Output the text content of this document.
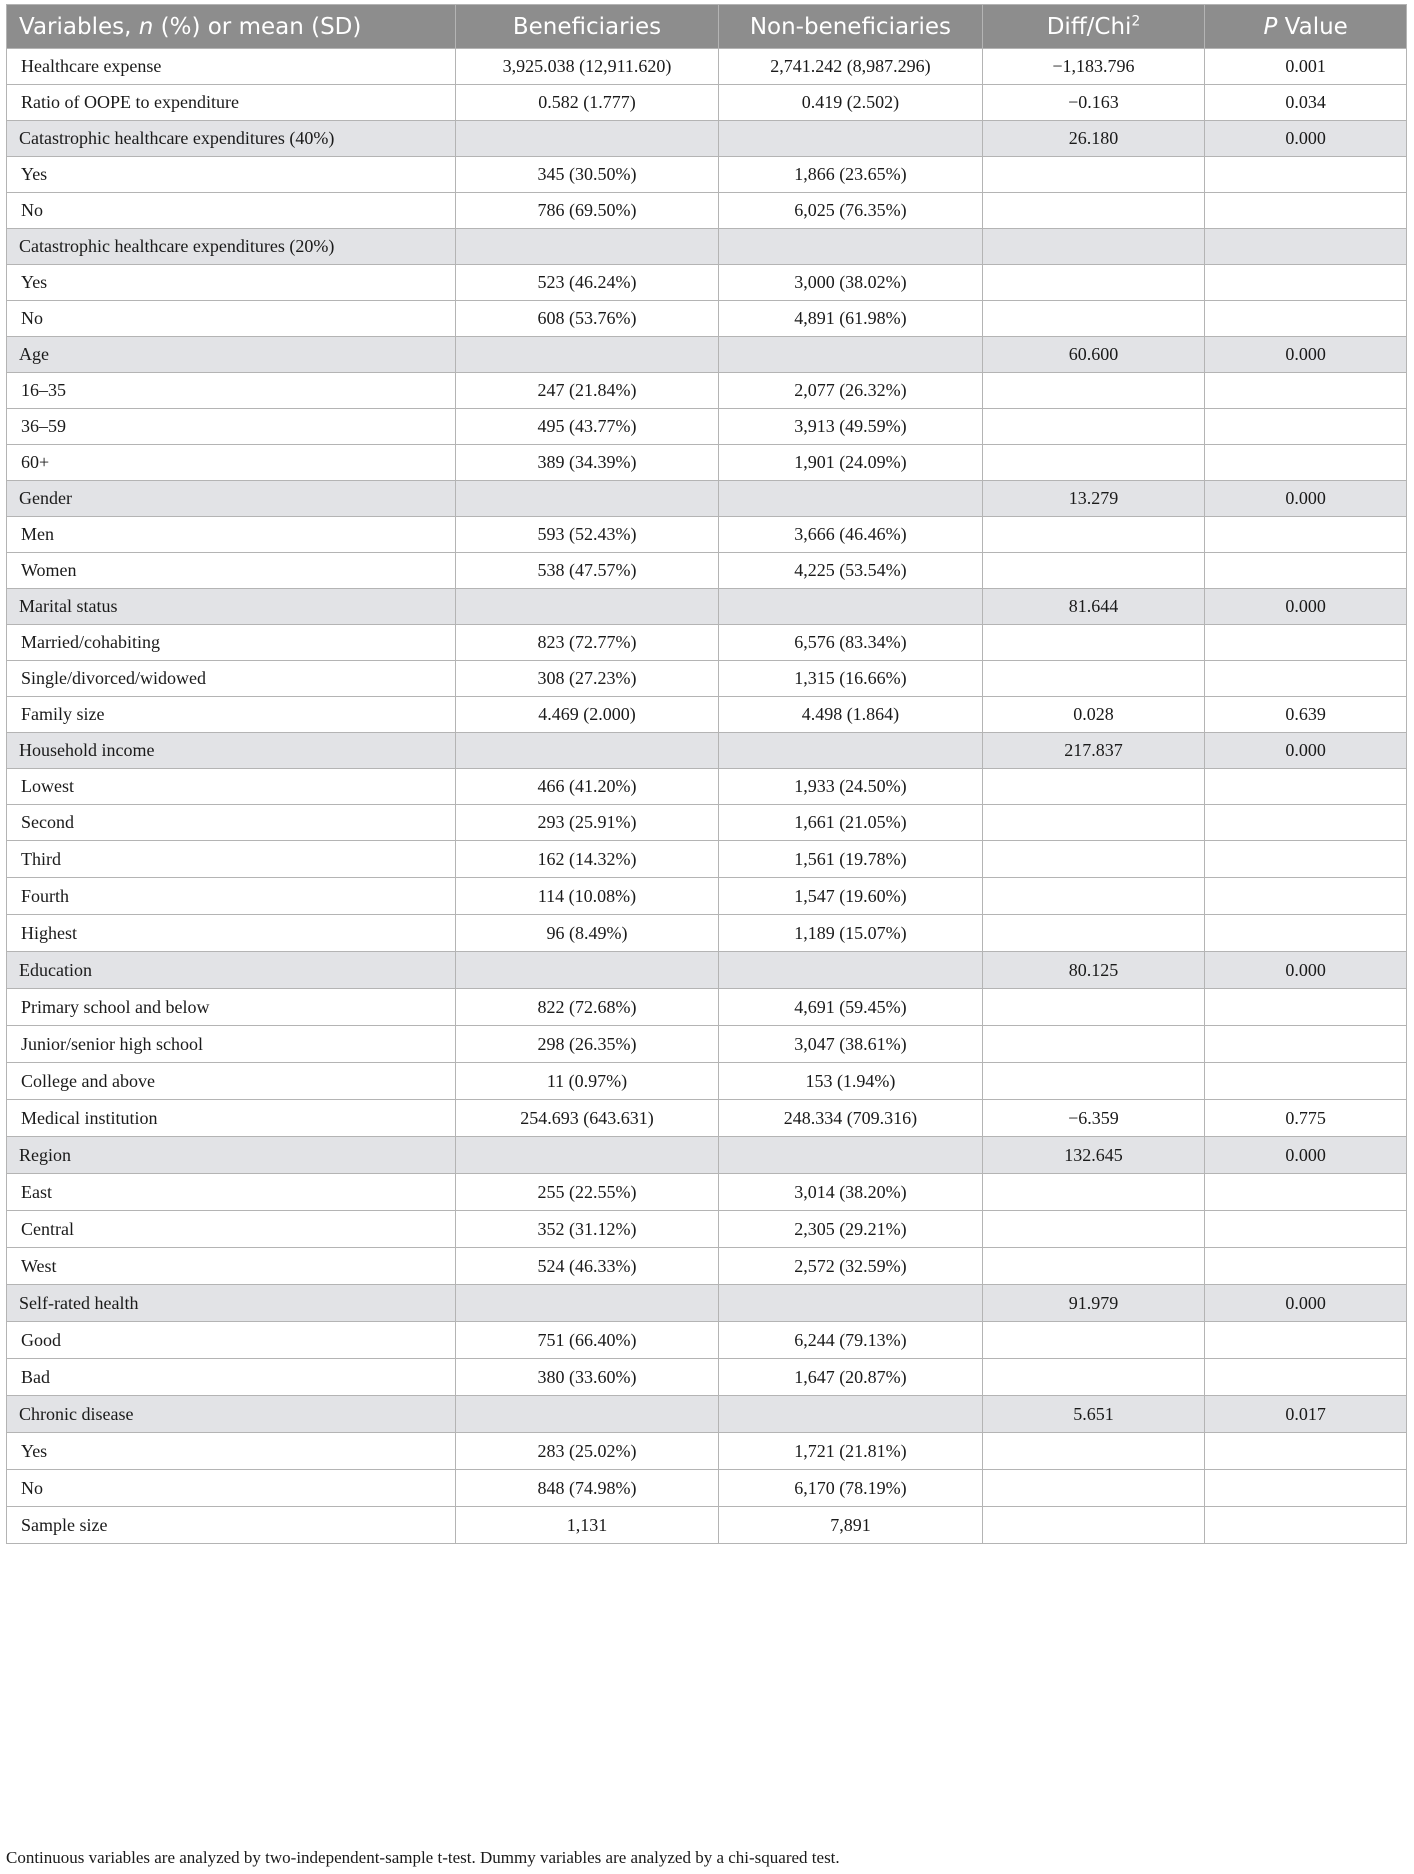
Variables, n (%) or mean (SD)	Beneficiaries	Non-beneficiaries	Diff/Chi$^2$	P Value
Healthcare expense	3,925.038 (12,911.620)	2,741.242 (8,987.296)	−1,183.796	0.001
Ratio of OOPE to expenditure	0.582 (1.777)	0.419 (2.502)	−0.163	0.034
Catastrophic healthcare expenditures (40%)			26.180	0.000
Yes	345 (30.50%)	1,866 (23.65%)		
No	786 (69.50%)	6,025 (76.35%)		
Catastrophic healthcare expenditures (20%)				
Yes	523 (46.24%)	3,000 (38.02%)		
No	608 (53.76%)	4,891 (61.98%)		
Age			60.600	0.000
16–35	247 (21.84%)	2,077 (26.32%)		
36–59	495 (43.77%)	3,913 (49.59%)		
60+	389 (34.39%)	1,901 (24.09%)		
Gender			13.279	0.000
Men	593 (52.43%)	3,666 (46.46%)		
Women	538 (47.57%)	4,225 (53.54%)		
Marital status			81.644	0.000
Married/cohabiting	823 (72.77%)	6,576 (83.34%)		
Single/divorced/widowed	308 (27.23%)	1,315 (16.66%)		
Family size	4.469 (2.000)	4.498 (1.864)	0.028	0.639
Household income			217.837	0.000
Lowest	466 (41.20%)	1,933 (24.50%)		
Second	293 (25.91%)	1,661 (21.05%)		
Third	162 (14.32%)	1,561 (19.78%)		
Fourth	114 (10.08%)	1,547 (19.60%)		
Highest	96 (8.49%)	1,189 (15.07%)		
Education			80.125	0.000
Primary school and below	822 (72.68%)	4,691 (59.45%)		
Junior/senior high school	298 (26.35%)	3,047 (38.61%)		
College and above	11 (0.97%)	153 (1.94%)		
Medical institution	254.693 (643.631)	248.334 (709.316)	−6.359	0.775
Region			132.645	0.000
East	255 (22.55%)	3,014 (38.20%)		
Central	352 (31.12%)	2,305 (29.21%)		
West	524 (46.33%)	2,572 (32.59%)		
Self-rated health			91.979	0.000
Good	751 (66.40%)	6,244 (79.13%)		
Bad	380 (33.60%)	1,647 (20.87%)		
Chronic disease			5.651	0.017
Yes	283 (25.02%)	1,721 (21.81%)		
No	848 (74.98%)	6,170 (78.19%)		
Sample size	1,131	7,891		
Continuous variables are analyzed by two-independent-sample t-test. Dummy variables are analyzed by a chi-squared test.
